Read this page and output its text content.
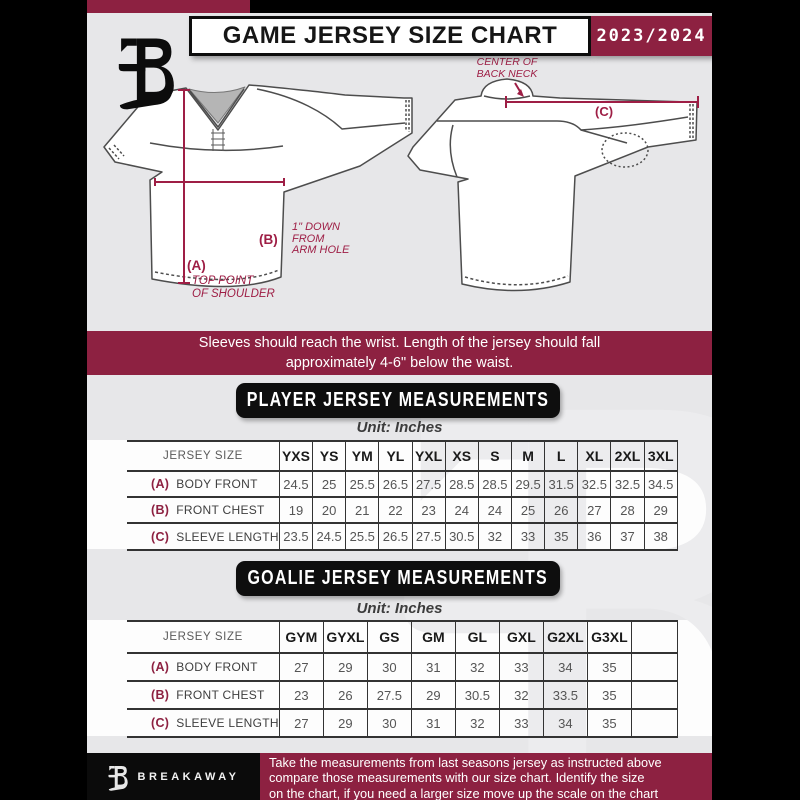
GAME JERSEY SIZE CHART 2023/2024
(B)
1" DOWN
FROM
ARM HOLE
(A)
TOP POINT
OF SHOULDER
CENTER OF
BACK NECK
(C)
Sleeves should reach the wrist. Length of the jersey should fall
approximately 4-6" below the waist.
PLAYER JERSEY MEASUREMENTS
Unit: Inches
JERSEY SIZE	YXS	YS	YM	YL	YXL	XS	S	M	L	XL	2XL	3XL
(A) BODY FRONT	24.5	25	25.5	26.5	27.5	28.5	28.5	29.5	31.5	32.5	32.5	34.5
(B) FRONT CHEST	19	20	21	22	23	24	24	25	26	27	28	29
(C) SLEEVE LENGTH	23.5	24.5	25.5	26.5	27.5	30.5	32	33	35	36	37	38
GOALIE JERSEY MEASUREMENTS
Unit: Inches
JERSEY SIZE	GYM	GYXL	GS	GM	GL	GXL	G2XL	G3XL	
(A) BODY FRONT	27	29	30	31	32	33	34	35	
(B) FRONT CHEST	23	26	27.5	29	30.5	32	33.5	35	
(C) SLEEVE LENGTH	27	29	30	31	32	33	34	35	
BREAKAWAY
Take the measurements from last seasons jersey as instructed above
compare those measurements with our size chart. Identify the size
on the chart, if you need a larger size move up the scale on the chart
